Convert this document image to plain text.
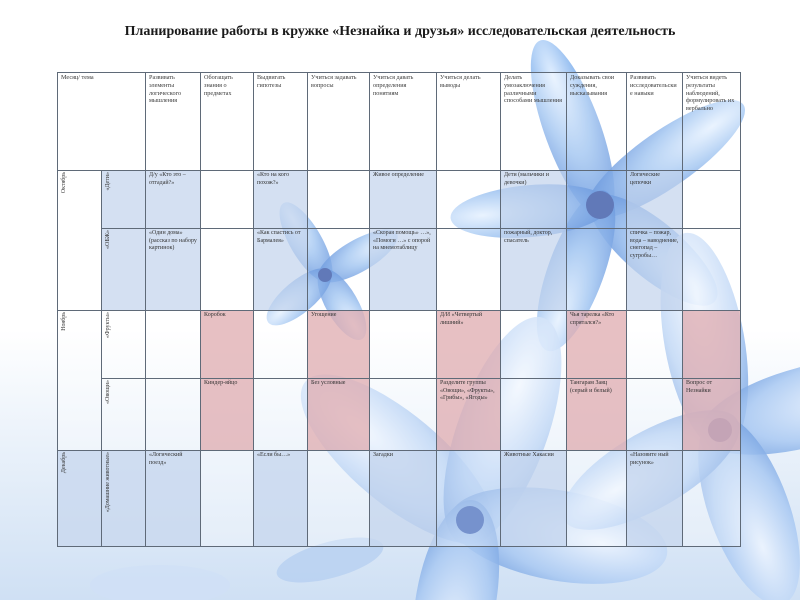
Планирование работы в кружке «Незнайка и друзья» исследовательская деятельность
Месяц/ тема		Развивать элементы логического мышления	Обогащать знания о предметах	Выдвигать гипотезы	Учиться задавать вопросы	Учиться давать определения понятиям	Учиться делать выводы	Делать умозаключения различными способами мышления	Доказывать свои суждения, высказывания	Развивать исследовательские навыки	Учиться видеть результаты наблюдений, формулировать их вербально

Октябрь	«Дети»	Д/у «Кто это – отгадай?»		«Кто на кого похож?»		Живое определение		Дети (мальчики и девочки)		Логические цепочки	

	«ОБЖ»	«Один дома» (рассказ по набору картинок)		«Как спастись от Бармалея»		«Скорая помощь» …», «Помоги …» с опорой на мнемотаблицу		пожарный, доктор, спасатель		спичка – пожар, вода – наводнение, снегопад – сугробы…	

Ноябрь	«Фрукты»		Коробок		Угощение		Д/И «Четвертый лишний»		Чья тарелка «Кто спрятался?»		

	«Овощи»		Киндер-яйцо		Без условные		Разделите группы «Овощи», «Фрукты», «Грибы», «Ягоды»		Тангарам Заяц (серый и белый)		Вопрос от Незнайки

Декабрь	«Домашние животные»	«Логический поезд»		«Если бы…»		Загадки		Животные Хакасии		«Назовите ный рисунок»	
